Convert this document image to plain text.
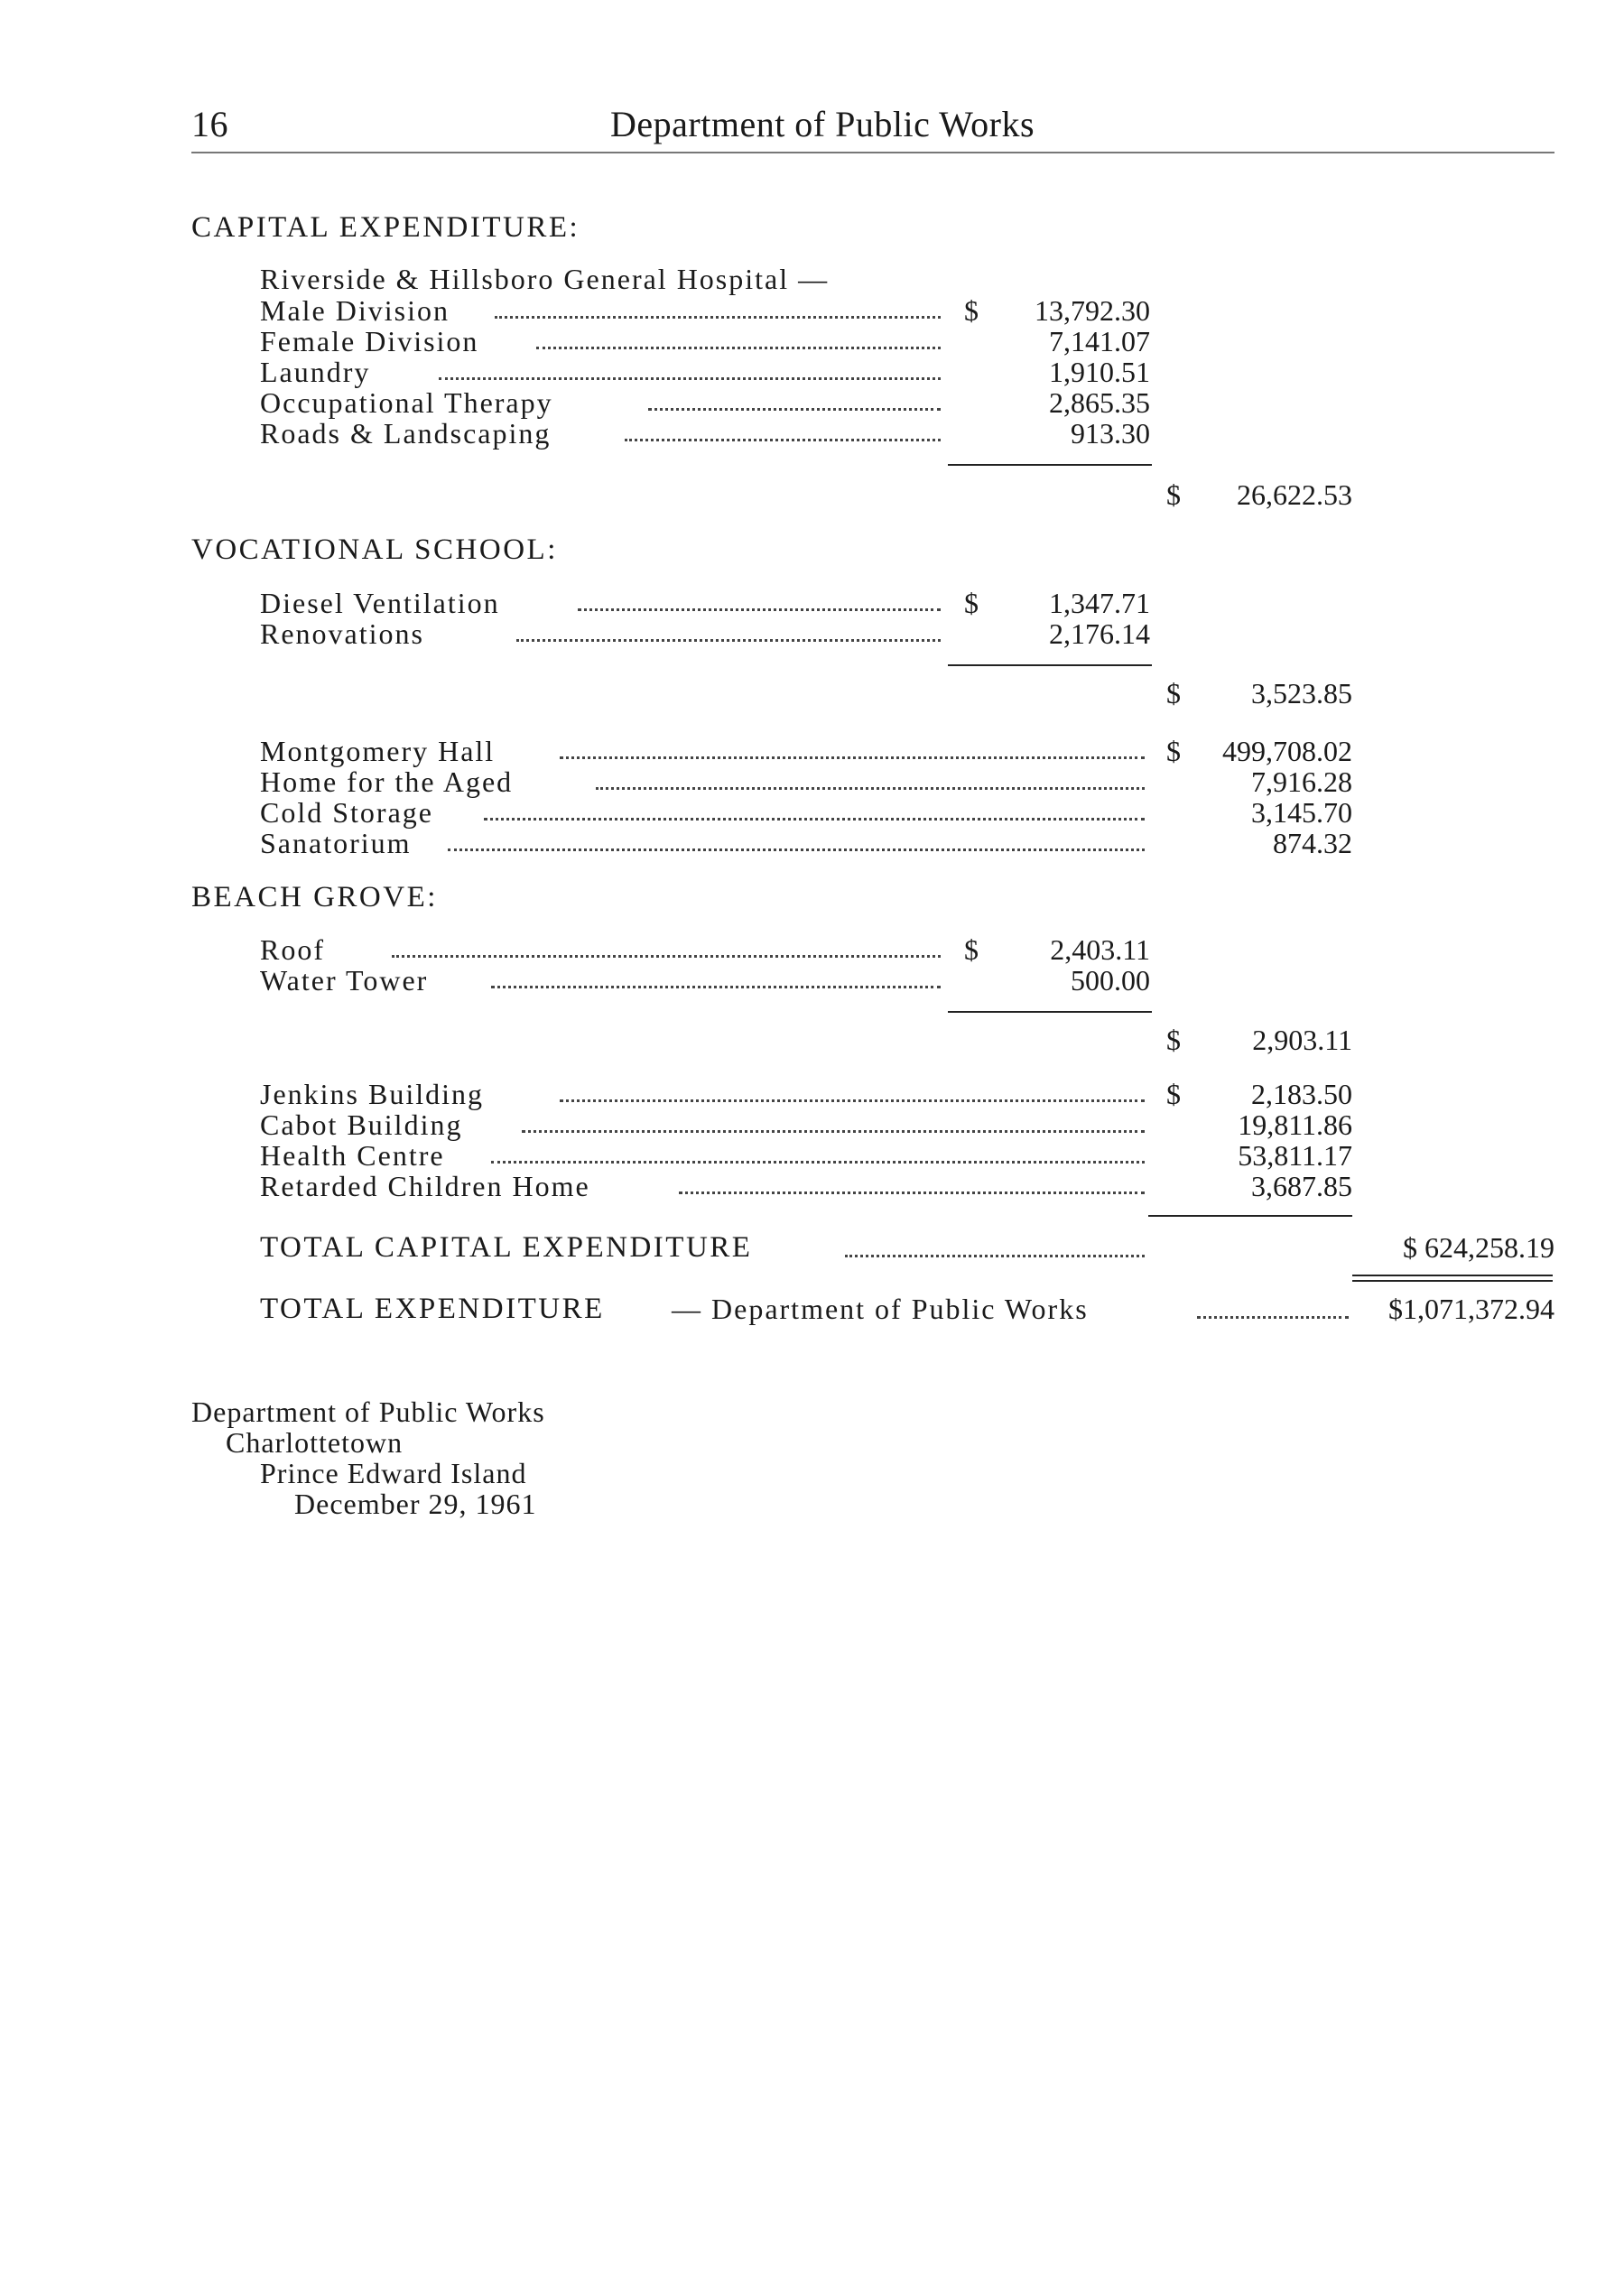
16	Department of Public Works
CAPITAL EXPENDITURE:
Riverside & Hillsboro General Hospital —
Male Division	$	13,792.30
Female Division	7,141.07
Laundry	1,910.51
Occupational Therapy	2,865.35
Roads & Landscaping	913.30
$	26,622.53
VOCATIONAL SCHOOL:
Diesel Ventilation	$	1,347.71
Renovations	2,176.14
$	3,523.85
Montgomery Hall	$	499,708.02
Home for the Aged	7,916.28
Cold Storage	3,145.70
Sanatorium	874.32
BEACH GROVE:
Roof	$	2,403.11
Water Tower	500.00
$	2,903.11
Jenkins Building	$	2,183.50
Cabot Building	19,811.86
Health Centre	53,811.17
Retarded Children Home	3,687.85
TOTAL CAPITAL EXPENDITURE	$ 624,258.19
TOTAL EXPENDITURE — Department of Public Works	$1,071,372.94
Department of Public Works
Charlottetown
Prince Edward Island
December 29, 1961
